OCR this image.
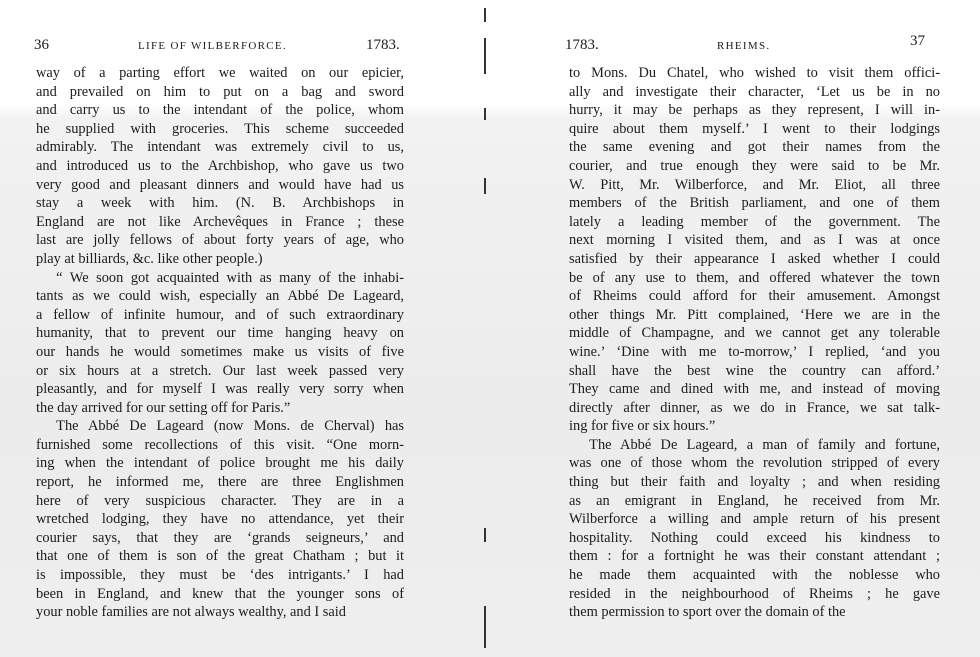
36	LIFE OF WILBERFORCE.	1783.
way of a parting effort we waited on our epicier,
and prevailed on him to put on a bag and sword
and carry us to the intendant of the police, whom
he supplied with groceries. This scheme succeeded
admirably. The intendant was extremely civil to us,
and introduced us to the Archbishop, who gave us two
very good and pleasant dinners and would have had us
stay a week with him. (N. B. Archbishops in
England are not like Archevêques in France ; these
last are jolly fellows of about forty years of age, who
play at billiards, &c. like other people.)
“ We soon got acquainted with as many of the inhabi-
tants as we could wish, especially an Abbé De Lageard,
a fellow of infinite humour, and of such extraordinary
humanity, that to prevent our time hanging heavy on
our hands he would sometimes make us visits of five
or six hours at a stretch. Our last week passed very
pleasantly, and for myself I was really very sorry when
the day arrived for our setting off for Paris.”
The Abbé De Lageard (now Mons. de Cherval) has
furnished some recollections of this visit. “One morn-
ing when the intendant of police brought me his daily
report, he informed me, there are three Englishmen
here of very suspicious character. They are in a
wretched lodging, they have no attendance, yet their
courier says, that they are ‘grands seigneurs,’ and
that one of them is son of the great Chatham ; but it
is impossible, they must be ‘des intrigants.’ I had
been in England, and knew that the younger sons of
your noble families are not always wealthy, and I said
1783.	RHEIMS.	37
to Mons. Du Chatel, who wished to visit them offici-
ally and investigate their character, ‘Let us be in no
hurry, it may be perhaps as they represent, I will in-
quire about them myself.’ I went to their lodgings
the same evening and got their names from the
courier, and true enough they were said to be Mr.
W. Pitt, Mr. Wilberforce, and Mr. Eliot, all three
members of the British parliament, and one of them
lately a leading member of the government. The
next morning I visited them, and as I was at once
satisfied by their appearance I asked whether I could
be of any use to them, and offered whatever the town
of Rheims could afford for their amusement. Amongst
other things Mr. Pitt complained, ‘Here we are in the
middle of Champagne, and we cannot get any tolerable
wine.’ ‘Dine with me to-morrow,’ I replied, ‘and you
shall have the best wine the country can afford.’
They came and dined with me, and instead of moving
directly after dinner, as we do in France, we sat talk-
ing for five or six hours.”
The Abbé De Lageard, a man of family and fortune,
was one of those whom the revolution stripped of every
thing but their faith and loyalty ; and when residing
as an emigrant in England, he received from Mr.
Wilberforce a willing and ample return of his present
hospitality. Nothing could exceed his kindness to
them : for a fortnight he was their constant attendant ;
he made them acquainted with the noblesse who
resided in the neighbourhood of Rheims ; he gave
them permission to sport over the domain of the
